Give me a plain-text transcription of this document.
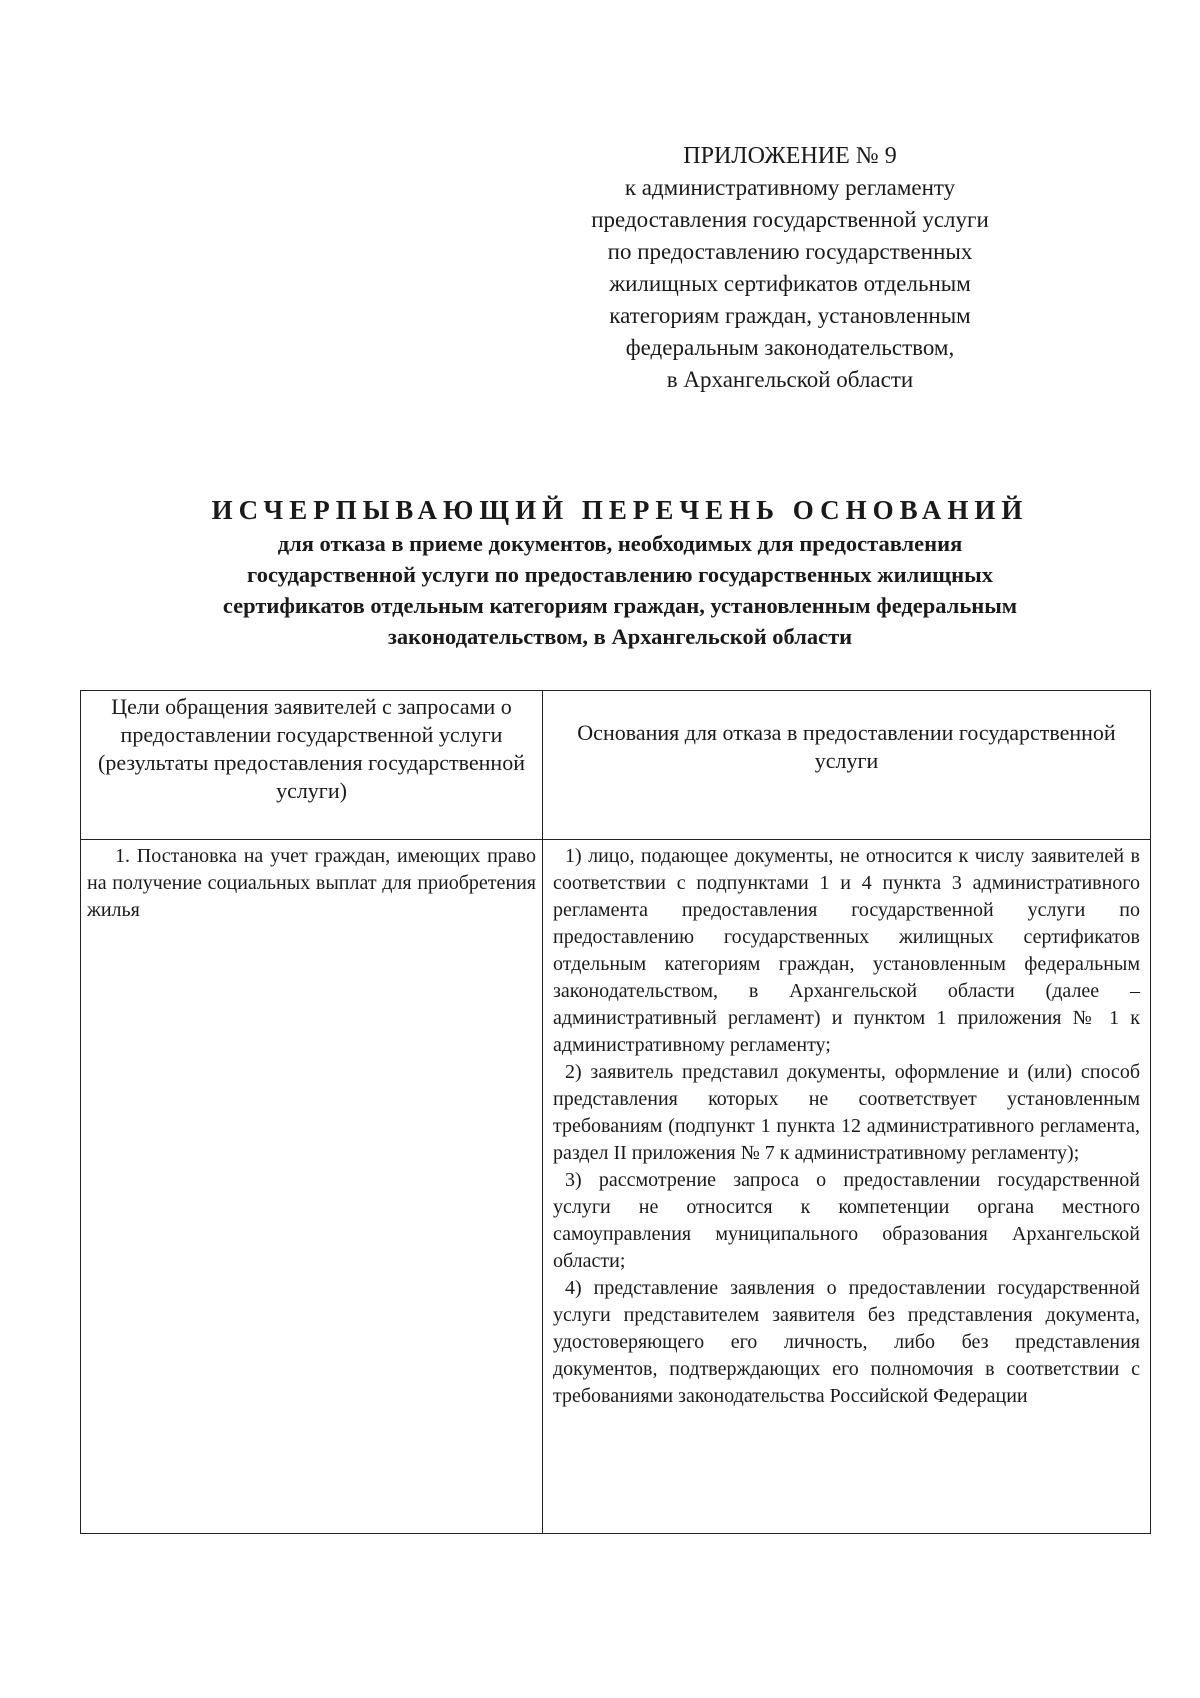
ПРИЛОЖЕНИЕ № 9
к административному регламенту
предоставления государственной услуги
по предоставлению государственных
жилищных сертификатов отдельным
категориям граждан, установленным
федеральным законодательством,
в Архангельской области
ИСЧЕРПЫВАЮЩИЙ ПЕРЕЧЕНЬ ОСНОВАНИЙ
для отказа в приеме документов, необходимых для предоставления
государственной услуги по предоставлению государственных жилищных
сертификатов отдельным категориям граждан, установленным федеральным
законодательством, в Архангельской области
Цели обращения заявителей с запросами о предоставлении государственной услуги (результаты предоставления государственной услуги)	Основания для отказа в предоставлении государственной услуги

1. Постановка на учет граждан, имеющих право на получение социальных выплат для приобретения жилья	1) лицо, подающее документы, не относится к числу заявителей в соответствии с подпунктами 1 и 4 пункта 3 административного регламента предоставления государственной услуги по предоставлению государственных жилищных сертификатов отдельным категориям граждан, установленным федеральным законодательством, в Архангельской области (далее – административный регламент) и пунктом 1 приложения № 1 к административному регламенту;

2) заявитель представил документы, оформление и (или) способ представления которых не соответствует установленным требованиям (подпункт 1 пункта 12 административного регламента, раздел II приложения № 7 к административному регламенту);

3) рассмотрение запроса о предоставлении государственной услуги не относится к компетенции органа местного самоуправления муниципального образования Архангельской области;

4) представление заявления о предоставлении государственной услуги представителем заявителя без представления документа, удостоверяющего его личность, либо без представления документов, подтверждающих его полномочия в соответствии с требованиями законодательства Российской Федерации
